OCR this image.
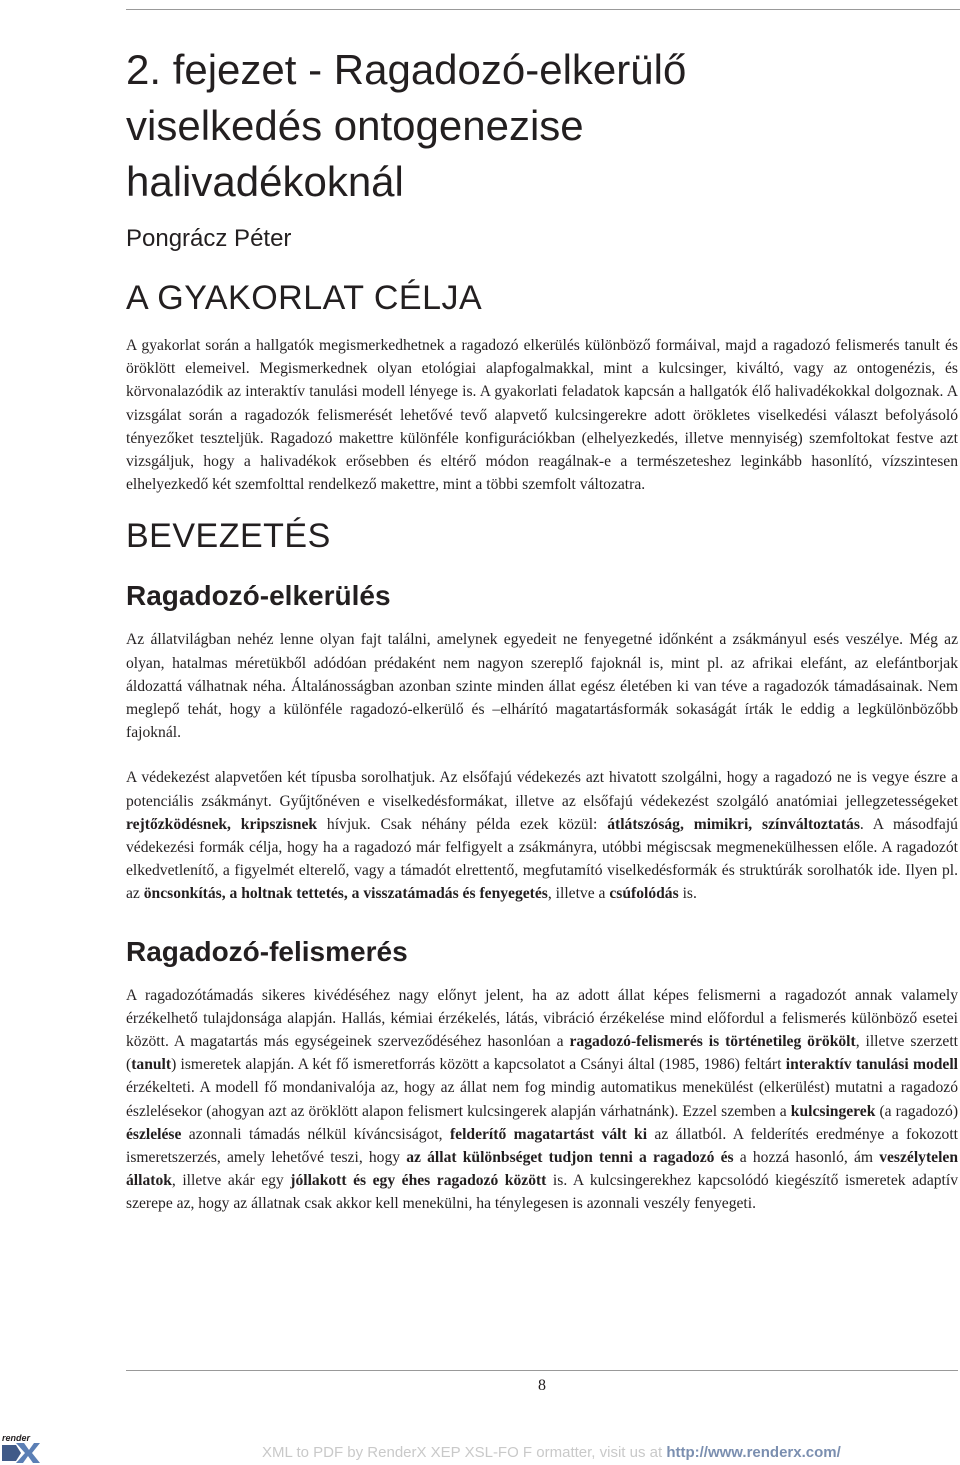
2. fejezet - Ragadozó-elkerülő
viselkedés ontogenezise
halivadékoknál
Pongrácz Péter
A GYAKORLAT CÉLJA

A gyakorlat során a hallgatók megismerkedhetnek a ragadozó elkerülés különböző formáival, majd a ragadozó felismerés tanult és öröklött elemeivel. Megismerkednek olyan etológiai alapfogalmakkal, mint a kulcsinger, kiváltó, vagy az ontogenézis, és körvonalazódik az interaktív tanulási modell lényege is. A gyakorlati feladatok kapcsán a hallgatók élő halivadékokkal dolgoznak. A vizsgálat során a ragadozók felismerését lehetővé tevő alapvető kulcsingerekre adott örökletes viselkedési választ befolyásoló tényezőket teszteljük. Ragadozó makettre különféle konfigurációkban (elhelyezkedés, illetve mennyiség) szemfoltokat festve azt vizsgáljuk, hogy a halivadékok erősebben és eltérő módon reagálnak-e a természeteshez leginkább hasonlító, vízszintesen elhelyezkedő két szemfolttal rendelkező makettre, mint a többi szemfolt változatra.

BEVEZETÉS
Ragadozó-elkerülés

Az állatvilágban nehéz lenne olyan fajt találni, amelynek egyedeit ne fenyegetné időnként a zsákmányul esés veszélye. Még az olyan, hatalmas méretükből adódóan prédaként nem nagyon szereplő fajoknál is, mint pl. az afrikai elefánt, az elefántborjak áldozattá válhatnak néha. Általánosságban azonban szinte minden állat egész életében ki van téve a ragadozók támadásainak. Nem meglepő tehát, hogy a különféle ragadozó-elkerülő és –elhárító magatartásformák sokaságát írták le eddig a legkülönbözőbb fajoknál.

A védekezést alapvetően két típusba sorolhatjuk. Az elsőfajú védekezés azt hivatott szolgálni, hogy a ragadozó ne is vegye észre a potenciális zsákmányt. Gyűjtőnéven e viselkedésformákat, illetve az elsőfajú védekezést szolgáló anatómiai jellegzetességeket rejtőzködésnek, kripszisnek hívjuk. Csak néhány példa ezek közül: átlátszóság, mimikri, színváltoztatás. A másodfajú védekezési formák célja, hogy ha a ragadozó már felfigyelt a zsákmányra, utóbbi mégiscsak megmenekülhessen előle. A ragadozót elkedvetlenítő, a figyelmét elterelő, vagy a támadót elrettentő, megfutamító viselkedésformák és struktúrák sorolhatók ide. Ilyen pl. az öncsonkítás, a holtnak tettetés, a visszatámadás és fenyegetés, illetve a csúfolódás is.

Ragadozó-felismerés

A ragadozótámadás sikeres kivédéséhez nagy előnyt jelent, ha az adott állat képes felismerni a ragadozót annak valamely érzékelhető tulajdonsága alapján. Hallás, kémiai érzékelés, látás, vibráció érzékelése mind előfordul a felismerés különböző esetei között. A magatartás más egységeinek szerveződéséhez hasonlóan a ragadozó-felismerés is történetileg örökölt, illetve szerzett (tanult) ismeretek alapján. A két fő ismeretforrás között a kapcsolatot a Csányi által (1985, 1986) feltárt interaktív tanulási modell érzékelteti. A modell fő mondanivalója az, hogy az állat nem fog mindig automatikus menekülést (elkerülést) mutatni a ragadozó észlelésekor (ahogyan azt az öröklött alapon felismert kulcsingerek alapján várhatnánk). Ezzel szemben a kulcsingerek (a ragadozó) észlelése azonnali támadás nélkül kíváncsiságot, felderítő magatartást vált ki az állatból. A felderítés eredménye a fokozott ismeretszerzés, amely lehetővé teszi, hogy az állat különbséget tudjon tenni a ragadozó és a hozzá hasonló, ám veszélytelen állatok, illetve akár egy jóllakott és egy éhes ragadozó között is. A kulcsingerekhez kapcsolódó kiegészítő ismeretek adaptív szerepe az, hogy az állatnak csak akkor kell menekülni, ha ténylegesen is azonnali veszély fenyegeti.

8
render
XML to PDF by RenderX XEP XSL-FO F ormatter, visit us at http://www.renderx.com/
